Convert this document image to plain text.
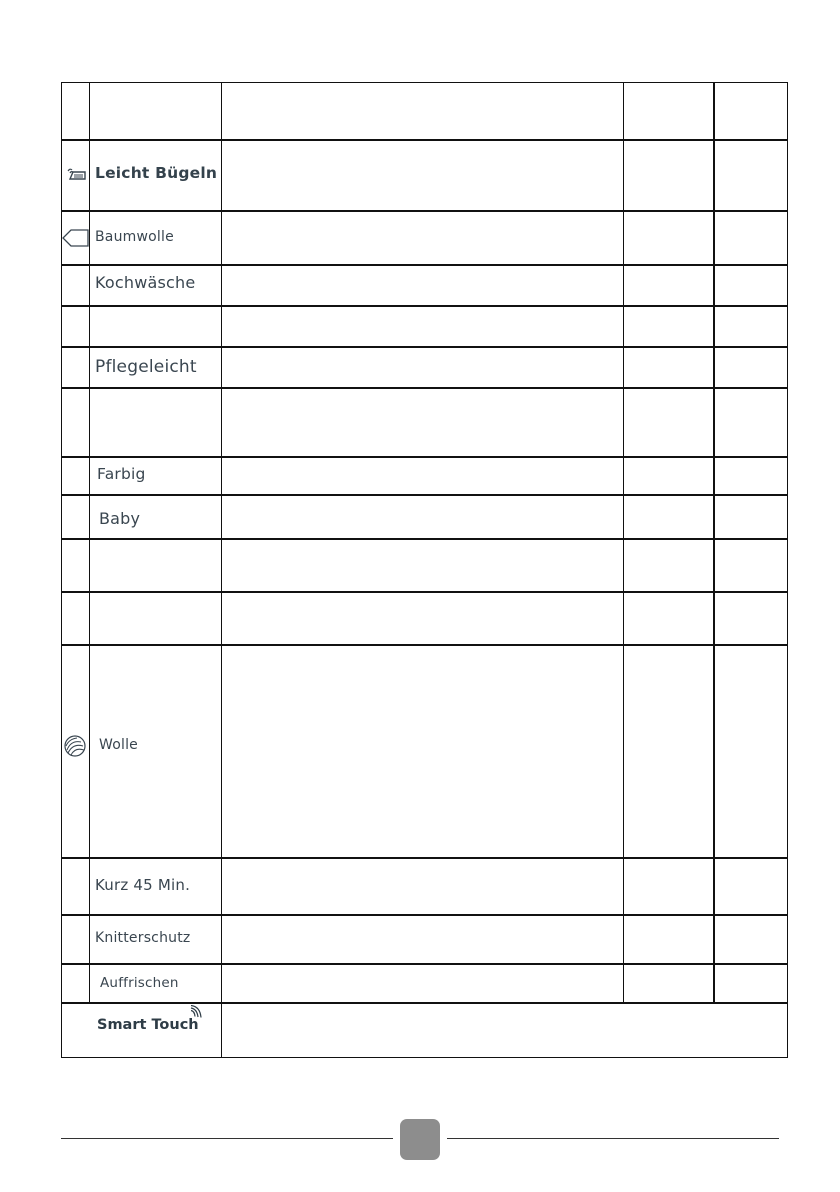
Leicht Bügeln
Baumwolle
Kochwäsche
Pflegeleicht
Farbig
Baby
Wolle
Kurz 45 Min.
Knitterschutz
Auffrischen
Smart Touch
